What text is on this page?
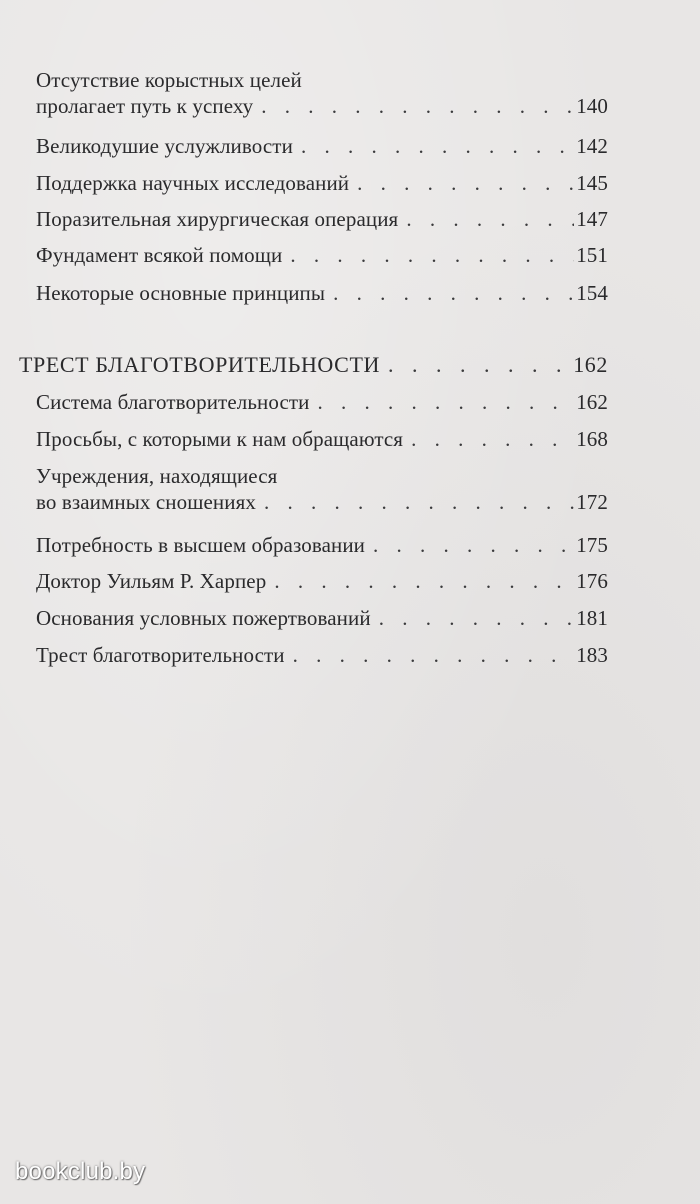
Отсутствие корыстных целей
пролагает путь к успеху . . .	140
Великодушие услужливости . . .	142
Поддержка научных исследований . . .	145
Поразительная хирургическая операция . . .	147
Фундамент всякой помощи . . .	151
Некоторые основные принципы . . .	154
ТРЕСТ БЛАГОТВОРИТЕЛЬНОСТИ . . .	162
Система благотворительности . . .	162
Просьбы, с которыми к нам обращаются . . .	168
Учреждения, находящиеся
во взаимных сношениях . . .	172
Потребность в высшем образовании . . .	175
Доктор Уильям Р. Харпер . . .	176
Основания условных пожертвований . . .	181
Трест благотворительности . . .	183
bookclub.by
